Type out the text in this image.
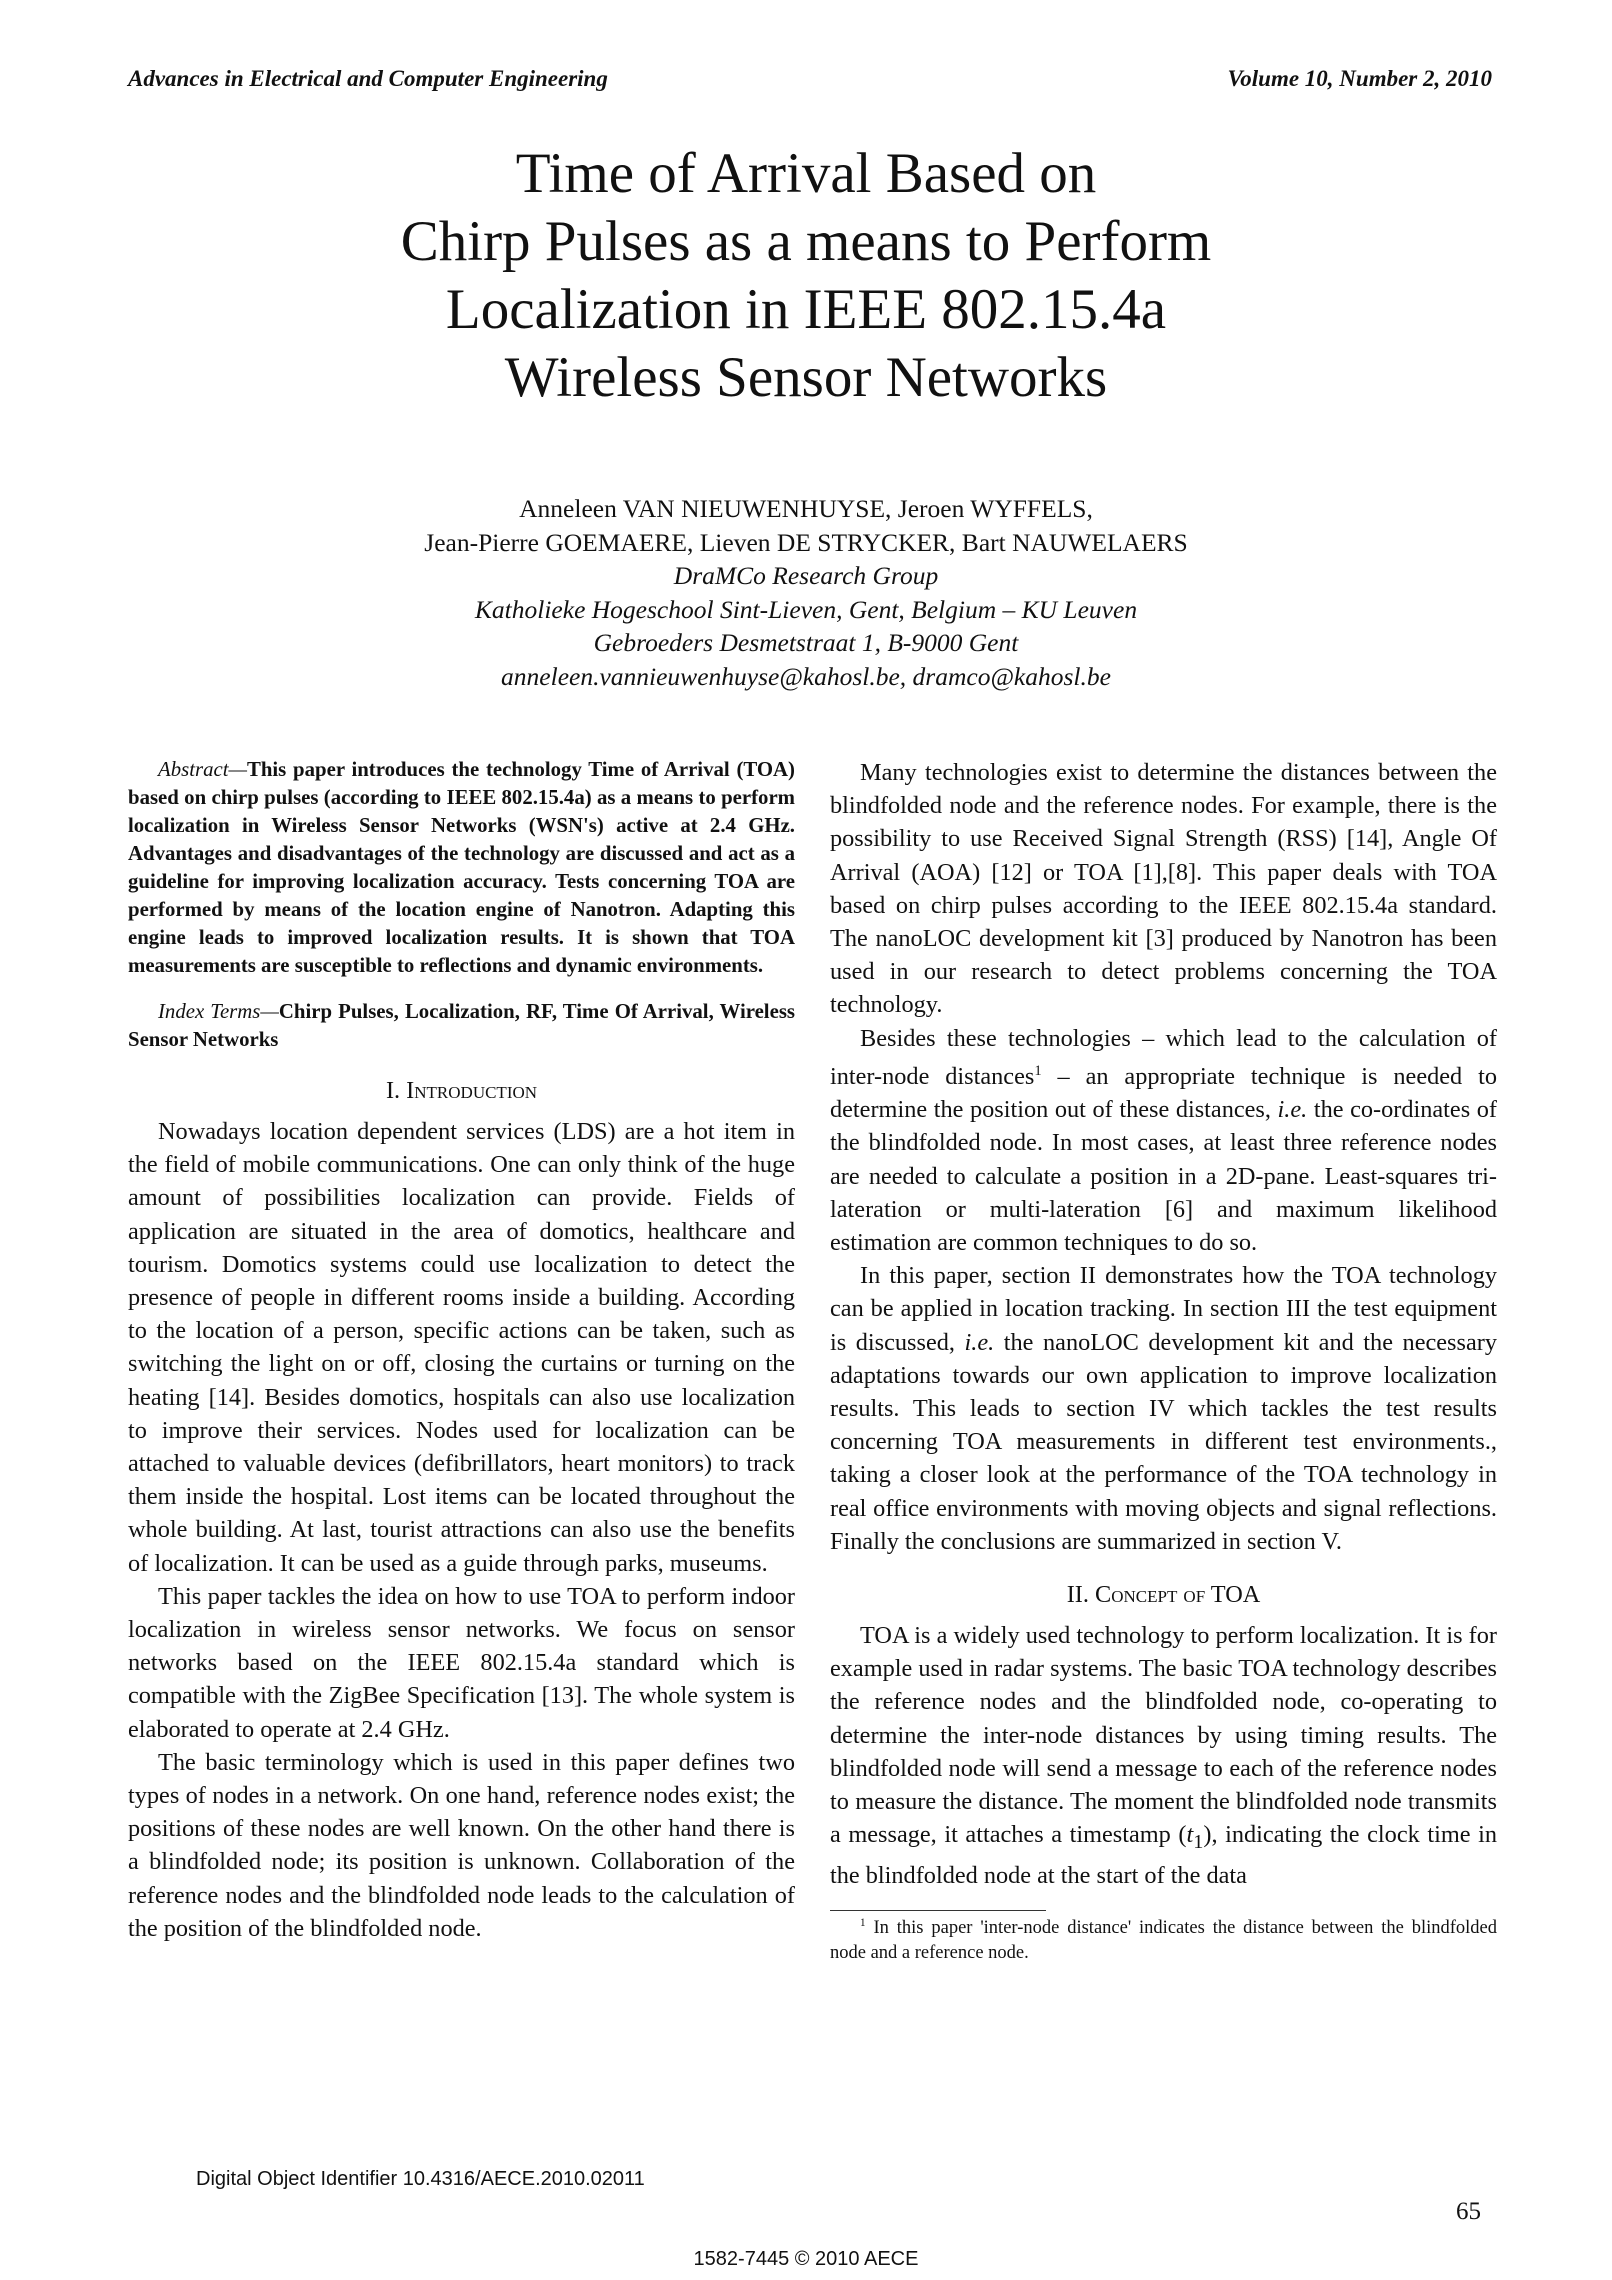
Advances in Electrical and Computer Engineering	Volume 10, Number 2, 2010
Time of Arrival Based on
Chirp Pulses as a means to Perform
Localization in IEEE 802.15.4a
Wireless Sensor Networks
Anneleen VAN NIEUWENHUYSE, Jeroen WYFFELS,
Jean-Pierre GOEMAERE, Lieven DE STRYCKER, Bart NAUWELAERS
DraMCo Research Group
Katholieke Hogeschool Sint-Lieven, Gent, Belgium – KU Leuven
Gebroeders Desmetstraat 1, B-9000 Gent
anneleen.vannieuwenhuyse@kahosl.be, dramco@kahosl.be

Abstract—This paper introduces the technology Time of Arrival (TOA) based on chirp pulses (according to IEEE 802.15.4a) as a means to perform localization in Wireless Sensor Networks (WSN's) active at 2.4 GHz. Advantages and disadvantages of the technology are discussed and act as a guideline for improving localization accuracy. Tests concerning TOA are performed by means of the location engine of Nanotron. Adapting this engine leads to improved localization results. It is shown that TOA measurements are susceptible to reflections and dynamic environments.

Index Terms—Chirp Pulses, Localization, RF, Time Of Arrival, Wireless Sensor Networks

I. Introduction

Nowadays location dependent services (LDS) are a hot item in the field of mobile communications. One can only think of the huge amount of possibilities localization can provide. Fields of application are situated in the area of domotics, healthcare and tourism. Domotics systems could use localization to detect the presence of people in different rooms inside a building. According to the location of a person, specific actions can be taken, such as switching the light on or off, closing the curtains or turning on the heating [14]. Besides domotics, hospitals can also use localization to improve their services. Nodes used for localization can be attached to valuable devices (defibrillators, heart monitors) to track them inside the hospital. Lost items can be located throughout the whole building. At last, tourist attractions can also use the benefits of localization. It can be used as a guide through parks, museums.

This paper tackles the idea on how to use TOA to perform indoor localization in wireless sensor networks. We focus on sensor networks based on the IEEE 802.15.4a standard which is compatible with the ZigBee Specification [13]. The whole system is elaborated to operate at 2.4 GHz.

The basic terminology which is used in this paper defines two types of nodes in a network. On one hand, reference nodes exist; the positions of these nodes are well known. On the other hand there is a blindfolded node; its position is unknown. Collaboration of the reference nodes and the blindfolded node leads to the calculation of the position of the blindfolded node.

Many technologies exist to determine the distances between the blindfolded node and the reference nodes. For example, there is the possibility to use Received Signal Strength (RSS) [14], Angle Of Arrival (AOA) [12] or TOA [1],[8]. This paper deals with TOA based on chirp pulses according to the IEEE 802.15.4a standard. The nanoLOC development kit [3] produced by Nanotron has been used in our research to detect problems concerning the TOA technology.

Besides these technologies – which lead to the calculation of inter-node distances$^1$ – an appropriate technique is needed to determine the position out of these distances, i.e. the co-ordinates of the blindfolded node. In most cases, at least three reference nodes are needed to calculate a position in a 2D-pane. Least-squares tri-lateration or multi-lateration [6] and maximum likelihood estimation are common techniques to do so.

In this paper, section II demonstrates how the TOA technology can be applied in location tracking. In section III the test equipment is discussed, i.e. the nanoLOC development kit and the necessary adaptations towards our own application to improve localization results. This leads to section IV which tackles the test results concerning TOA measurements in different test environments., taking a closer look at the performance of the TOA technology in real office environments with moving objects and signal reflections. Finally the conclusions are summarized in section V.

II. Concept of TOA

TOA is a widely used technology to perform localization. It is for example used in radar systems. The basic TOA technology describes the reference nodes and the blindfolded node, co-operating to determine the inter-node distances by using timing results. The blindfolded node will send a message to each of the reference nodes to measure the distance. The moment the blindfolded node transmits a message, it attaches a timestamp $(t_1)$, indicating the clock time in the blindfolded node at the start of the data

$^1$ In this paper 'inter-node distance' indicates the distance between the blindfolded node and a reference node.

Digital Object Identifier 10.4316/AECE.2010.02011
65
1582-7445 © 2010 AECE
